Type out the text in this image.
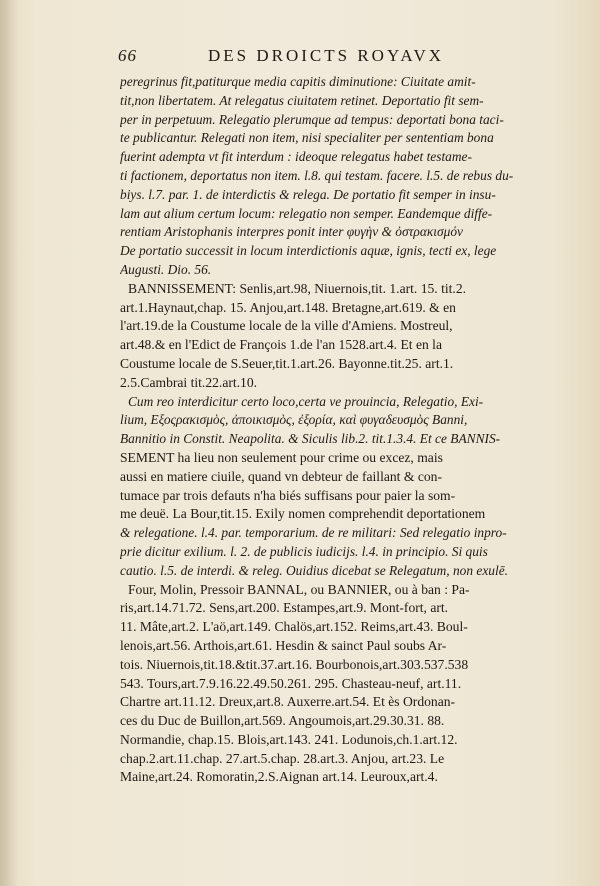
66	DES DROICTS ROYAVX
peregrinus fit,patiturque media capitis diminutione: Ciuitate amit-
tit,non libertatem. At relegatus ciuitatem retinet. Deportatio fit sem-
per in perpetuum. Relegatio plerumque ad tempus: deportati bona taci-
te publicantur. Relegati non item, nisi specialiter per sententiam bona
fuerint adempta vt fit interdum : ideoque relegatus habet testame-
ti factionem, deportatus non item. l.8. qui testam. facere. l.5. de rebus du-
biys. l.7. par. 1. de interdictis & relega. De portatio fit semper in insu-
lam aut alium certum locum: relegatio non semper. Eandemque diffe-
rentiam Aristophanis interpres ponit inter φυγὴν & ὀστρακισμόν
De portatio successit in locum interdictionis aquæ, ignis, tecti ex, lege
Augusti. Dio. 56.
BANNISSEMENT: Senlis,art.98, Niuernois,tit. 1.art. 15. tit.2.
art.1.Haynaut,chap. 15. Anjou,art.148. Bretagne,art.619. & en
l'art.19.de la Coustume locale de la ville d'Amiens. Mostreul,
art.48.& en l'Edict de François 1.de l'an 1528.art.4. Et en la
Coustume locale de S.Seuer,tit.1.art.26. Bayonne.tit.25. art.1.
2.5.Cambrai tit.22.art.10.
Cum reo interdicitur certo loco,certa ve prouincia, Relegatio, Exi-
lium, Εξοςρακισμὸς, ἀποικισμὸς, ἐξορία, καὶ φυγαδευσμὸς Banni,
Bannitio in Constit. Neapolita. & Siculis lib.2. tit.1.3.4. Et ce BANNIS-
SEMENT ha lieu non seulement pour crime ou excez, mais
aussi en matiere ciuile, quand vn debteur de faillant & con-
tumace par trois defauts n'ha biés suffisans pour paier la som-
me deuë. La Bour,tit.15. Exily nomen comprehendit deportationem
& relegatione. l.4. par. temporarium. de re militari: Sed relegatio inpro-
prie dicitur exilium. l. 2. de publicis iudicijs. l.4. in principio. Si quis
cautio. l.5. de interdi. & releg. Ouidius dicebat se Relegatum, non exulē.
Four, Molin, Pressoir BANNAL, ou BANNIER, ou à ban : Pa-
ris,art.14.71.72. Sens,art.200. Estampes,art.9. Mont-fort, art.
11. Mâte,art.2. L'aö,art.149. Chalös,art.152. Reims,art.43. Boul-
lenois,art.56. Arthois,art.61. Hesdin & sainct Paul soubs Ar-
tois. Niuernois,tit.18.&tit.37.art.16. Bourbonois,art.303.537.538
543. Tours,art.7.9.16.22.49.50.261. 295. Chasteau-neuf, art.11.
Chartre art.11.12. Dreux,art.8. Auxerre.art.54. Et ès Ordonan-
ces du Duc de Buillon,art.569. Angoumois,art.29.30.31. 88.
Normandie, chap.15. Blois,art.143. 241. Lodunois,ch.1.art.12.
chap.2.art.11.chap. 27.art.5.chap. 28.art.3. Anjou, art.23. Le
Maine,art.24. Romoratin,2.S.Aignan art.14. Leuroux,art.4.
